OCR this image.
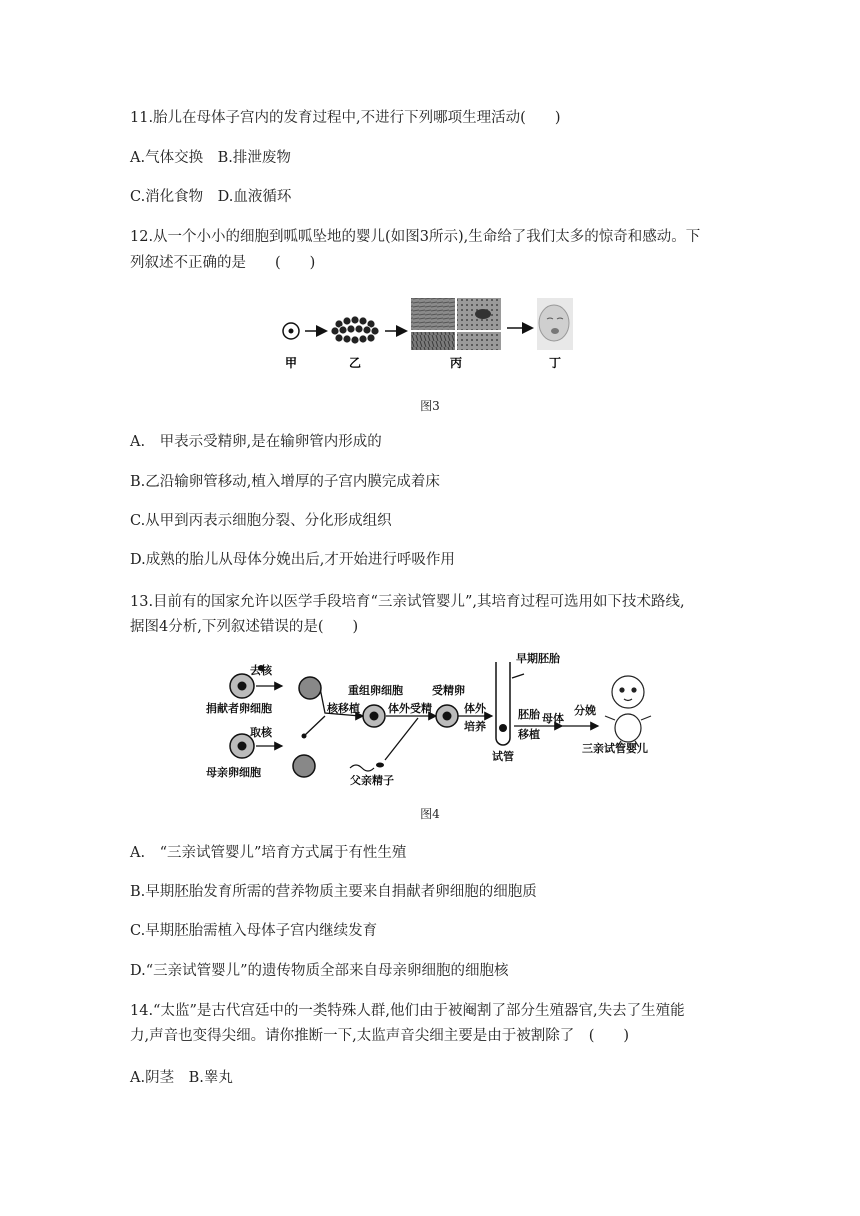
11.胎儿在母体子宫内的发育过程中,不进行下列哪项生理活动(　　)
A.气体交换　B.排泄废物
C.消化食物　D.血液循环
12.从一个小小的细胞到呱呱坠地的婴儿(如图3所示),生命给了我们太多的惊奇和感动。下
列叙述不正确的是　　(　　)
甲	乙	丙	丁
图3
A.　甲表示受精卵,是在输卵管内形成的
B.乙沿输卵管移动,植入增厚的子宫内膜完成着床
C.从甲到丙表示细胞分裂、分化形成组织
D.成熟的胎儿从母体分娩出后,才开始进行呼吸作用
13.目前有的国家允许以医学手段培育“三亲试管婴儿”,其培育过程可选用如下技术路线,
据图4分析,下列叙述错误的是(　　)
去核
取核
捐献者卵细胞
母亲卵细胞
核移植
重组卵细胞
体外受精
父亲精子
受精卵
体外
培养
早期胚胎
试管
胚胎
移植
母体
分娩
三亲试管婴儿
图4
A.　“三亲试管婴儿”培育方式属于有性生殖
B.早期胚胎发育所需的营养物质主要来自捐献者卵细胞的细胞质
C.早期胚胎需植入母体子宫内继续发育
D.“三亲试管婴儿”的遗传物质全部来自母亲卵细胞的细胞核
14.“太监”是古代宫廷中的一类特殊人群,他们由于被阉割了部分生殖器官,失去了生殖能
力,声音也变得尖细。请你推断一下,太监声音尖细主要是由于被割除了　(　　)
A.阴茎　B.睾丸
